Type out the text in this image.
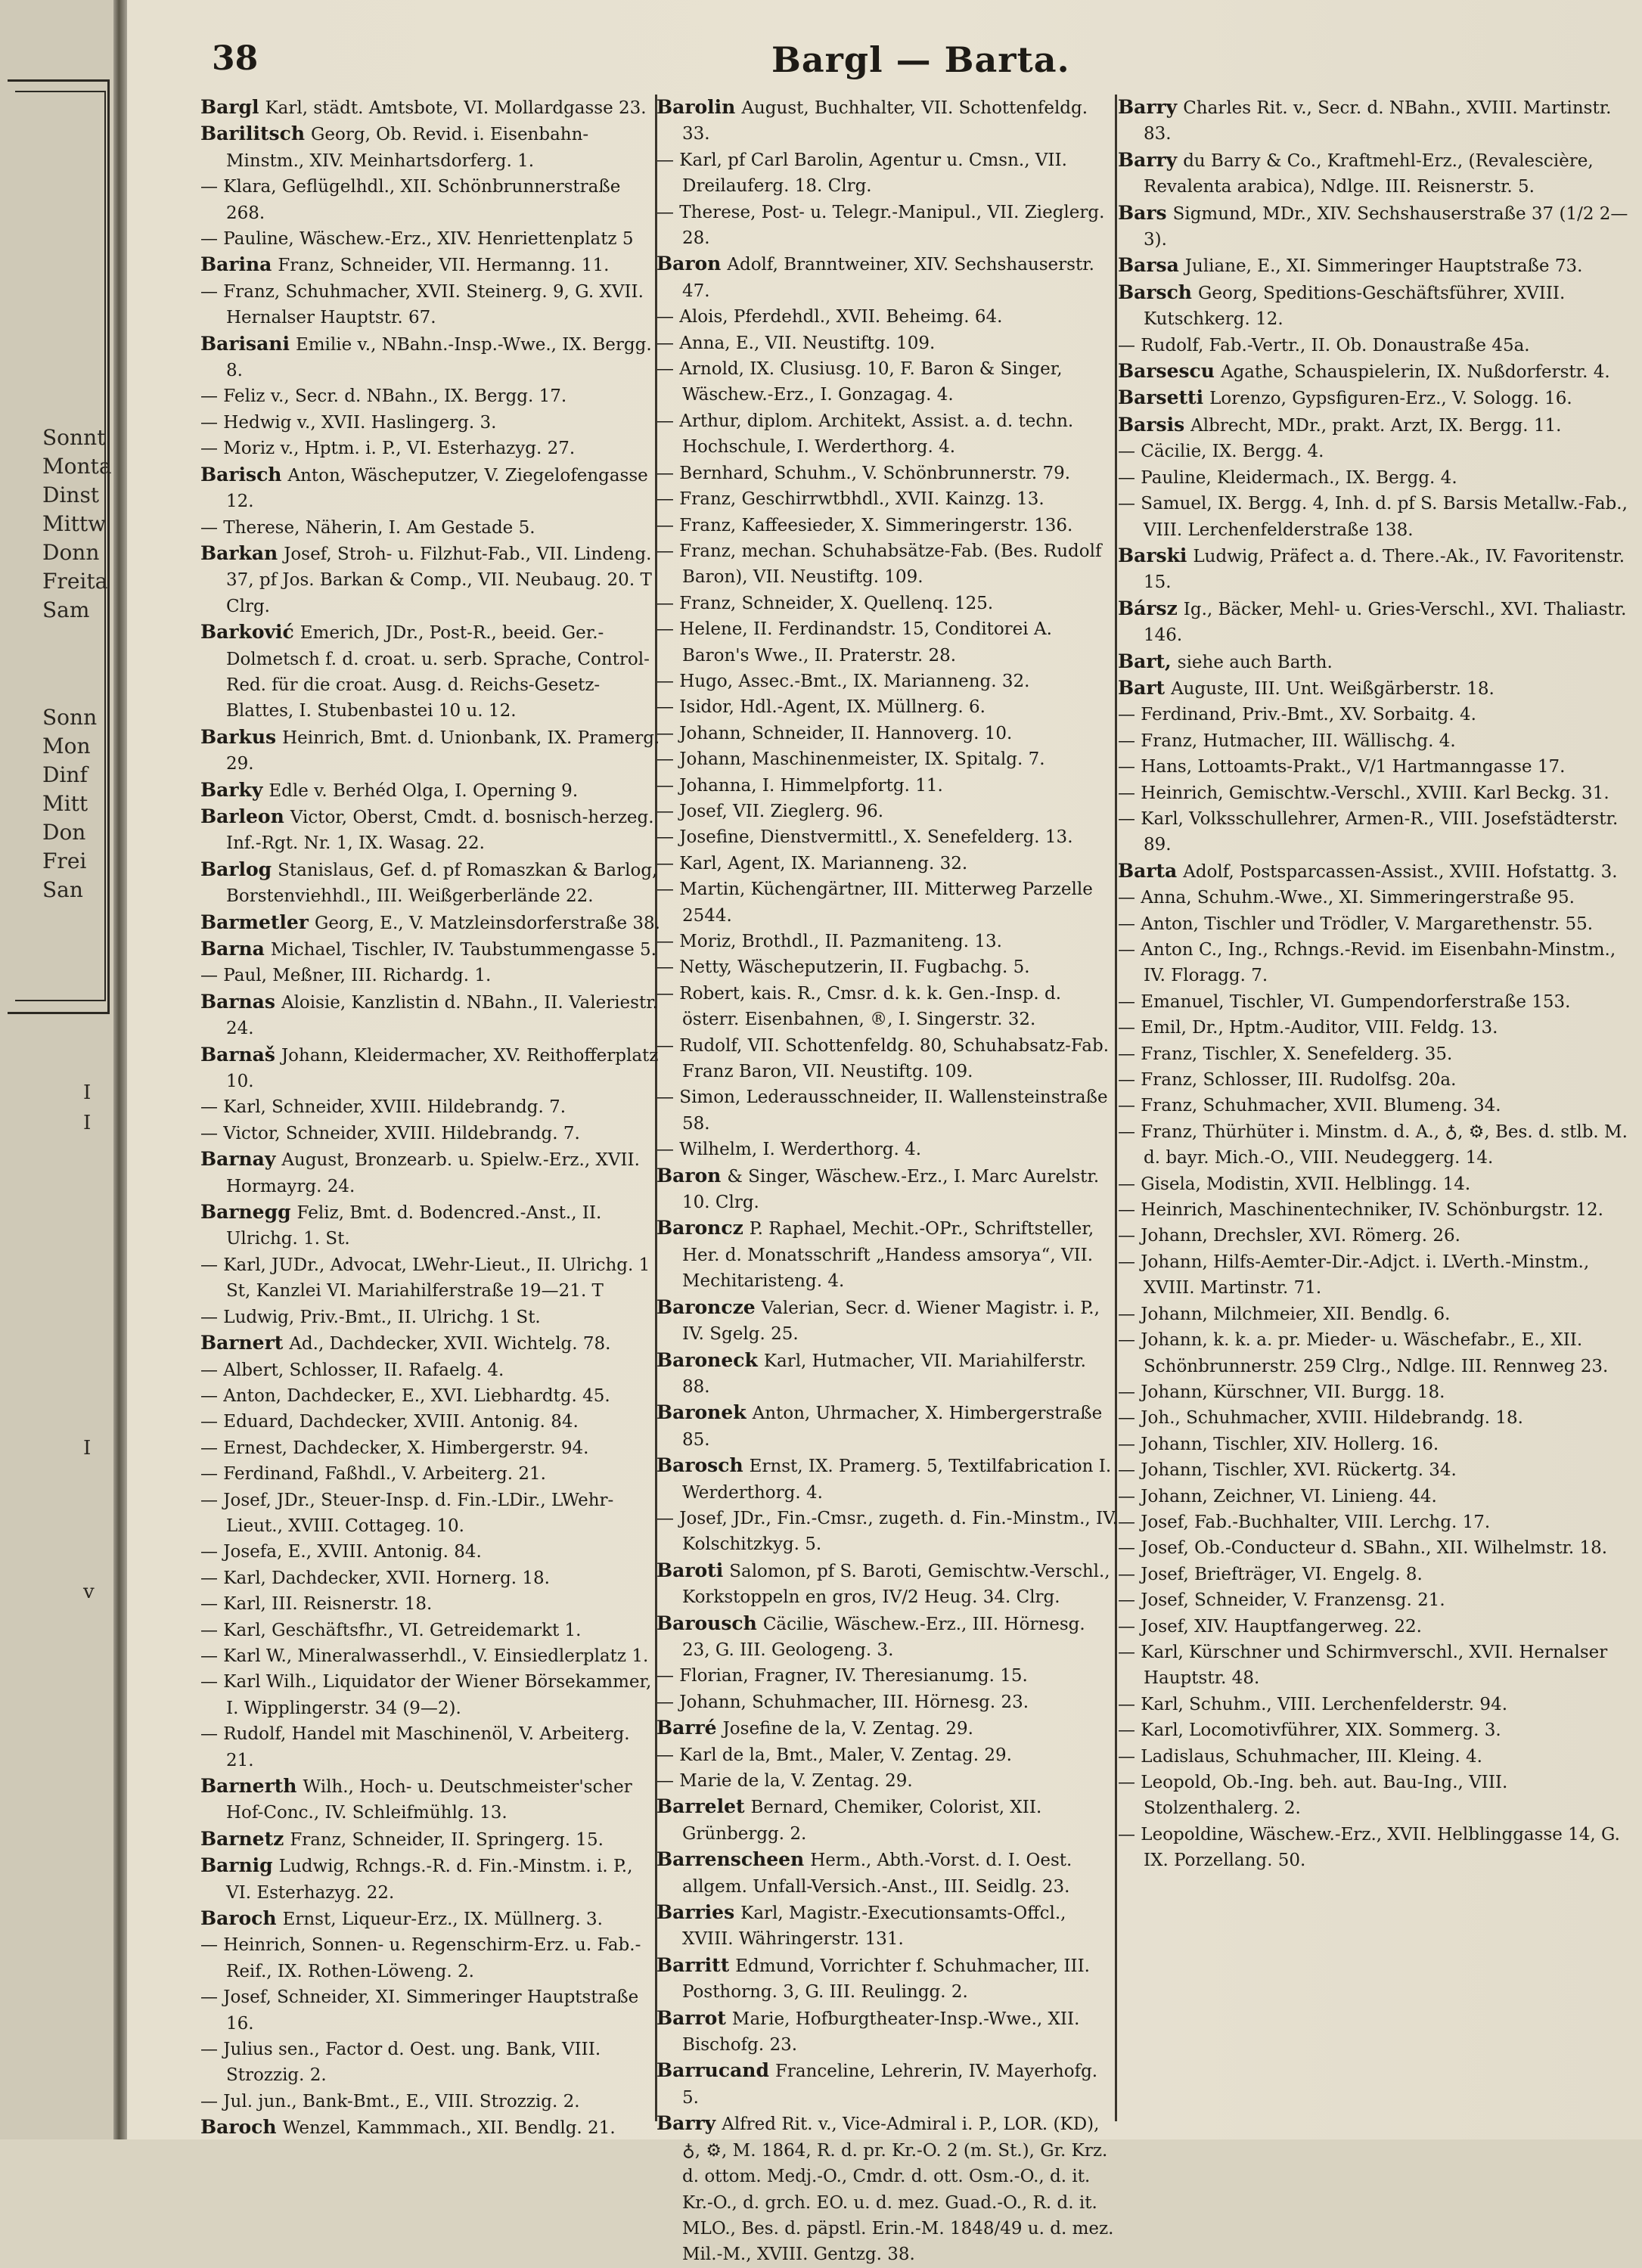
Sonnt
Monta
Dinst
Mittw
Donn
Freita
Sam
Sonn
Mon
Dinf
Mitt
Don
Frei
San
I
I
I
v
38	Bargl — Barta.

Bargl Karl, städt. Amtsbote, VI. Mollardgasse 23.

Barilitsch Georg, Ob. Revid. i. Eisenbahn-Minstm., XIV. Meinhartsdorferg. 1.

— Klara, Geflügelhdl., XII. Schönbrunnerstraße 268.

— Pauline, Wäschew.-Erz., XIV. Henriettenplatz 5

Barina Franz, Schneider, VII. Hermanng. 11.

— Franz, Schuhmacher, XVII. Steinerg. 9, G. XVII. Hernalser Hauptstr. 67.

Barisani Emilie v., NBahn.-Insp.-Wwe., IX. Bergg. 8.

— Feliz v., Secr. d. NBahn., IX. Bergg. 17.

— Hedwig v., XVII. Haslingerg. 3.

— Moriz v., Hptm. i. P., VI. Esterhazyg. 27.

Barisch Anton, Wäscheputzer, V. Ziegelofengasse 12.

— Therese, Näherin, I. Am Gestade 5.

Barkan Josef, Stroh- u. Filzhut-Fab., VII. Lindeng. 37, pf Jos. Barkan & Comp., VII. Neubaug. 20. T Clrg.

Barković Emerich, JDr., Post-R., beeid. Ger.-Dolmetsch f. d. croat. u. serb. Sprache, Control-Red. für die croat. Ausg. d. Reichs-Gesetz-Blattes, I. Stubenbastei 10 u. 12.

Barkus Heinrich, Bmt. d. Unionbank, IX. Pramerg. 29.

Barky Edle v. Berhéd Olga, I. Operning 9.

Barleon Victor, Oberst, Cmdt. d. bosnisch-herzeg. Inf.-Rgt. Nr. 1, IX. Wasag. 22.

Barlog Stanislaus, Gef. d. pf Romaszkan & Barlog, Borstenviehhdl., III. Weißgerberlände 22.

Barmetler Georg, E., V. Matzleinsdorferstraße 38.

Barna Michael, Tischler, IV. Taubstummengasse 5.

— Paul, Meßner, III. Richardg. 1.

Barnas Aloisie, Kanzlistin d. NBahn., II. Valeriestr. 24.

Barnaš Johann, Kleidermacher, XV. Reithofferplatz 10.

— Karl, Schneider, XVIII. Hildebrandg. 7.

— Victor, Schneider, XVIII. Hildebrandg. 7.

Barnay August, Bronzearb. u. Spielw.-Erz., XVII. Hormayrg. 24.

Barnegg Feliz, Bmt. d. Bodencred.-Anst., II. Ulrichg. 1. St.

— Karl, JUDr., Advocat, LWehr-Lieut., II. Ulrichg. 1 St, Kanzlei VI. Mariahilferstraße 19—21. T

— Ludwig, Priv.-Bmt., II. Ulrichg. 1 St.

Barnert Ad., Dachdecker, XVII. Wichtelg. 78.

— Albert, Schlosser, II. Rafaelg. 4.

— Anton, Dachdecker, E., XVI. Liebhardtg. 45.

— Eduard, Dachdecker, XVIII. Antonig. 84.

— Ernest, Dachdecker, X. Himbergerstr. 94.

— Ferdinand, Faßhdl., V. Arbeiterg. 21.

— Josef, JDr., Steuer-Insp. d. Fin.-LDir., LWehr-Lieut., XVIII. Cottageg. 10.

— Josefa, E., XVIII. Antonig. 84.

— Karl, Dachdecker, XVII. Hornerg. 18.

— Karl, III. Reisnerstr. 18.

— Karl, Geschäftsfhr., VI. Getreidemarkt 1.

— Karl W., Mineralwasserhdl., V. Einsiedlerplatz 1.

— Karl Wilh., Liquidator der Wiener Börsekammer, I. Wipplingerstr. 34 (9—2).

— Rudolf, Handel mit Maschinenöl, V. Arbeiterg. 21.

Barnerth Wilh., Hoch- u. Deutschmeister'scher Hof-Conc., IV. Schleifmühlg. 13.

Barnetz Franz, Schneider, II. Springerg. 15.

Barnig Ludwig, Rchngs.-R. d. Fin.-Minstm. i. P., VI. Esterhazyg. 22.

Baroch Ernst, Liqueur-Erz., IX. Müllnerg. 3.

— Heinrich, Sonnen- u. Regenschirm-Erz. u. Fab.-Reif., IX. Rothen-Löweng. 2.

— Josef, Schneider, XI. Simmeringer Hauptstraße 16.

— Julius sen., Factor d. Oest. ung. Bank, VIII. Strozzig. 2.

— Jul. jun., Bank-Bmt., E., VIII. Strozzig. 2.

Baroch Wenzel, Kammmach., XII. Bendlg. 21.

Barolin August, Buchhalter, VII. Schottenfeldg. 33.

— Karl, pf Carl Barolin, Agentur u. Cmsn., VII. Dreilauferg. 18. Clrg.

— Therese, Post- u. Telegr.-Manipul., VII. Zieglerg. 28.

Baron Adolf, Branntweiner, XIV. Sechshauserstr. 47.

— Alois, Pferdehdl., XVII. Beheimg. 64.

— Anna, E., VII. Neustiftg. 109.

— Arnold, IX. Clusiusg. 10, F. Baron & Singer, Wäschew.-Erz., I. Gonzagag. 4.

— Arthur, diplom. Architekt, Assist. a. d. techn. Hochschule, I. Werderthorg. 4.

— Bernhard, Schuhm., V. Schönbrunnerstr. 79.

— Franz, Geschirrwtbhdl., XVII. Kainzg. 13.

— Franz, Kaffeesieder, X. Simmeringerstr. 136.

— Franz, mechan. Schuhabsätze-Fab. (Bes. Rudolf Baron), VII. Neustiftg. 109.

— Franz, Schneider, X. Quellenq. 125.

— Helene, II. Ferdinandstr. 15, Conditorei A. Baron's Wwe., II. Praterstr. 28.

— Hugo, Assec.-Bmt., IX. Marianneng. 32.

— Isidor, Hdl.-Agent, IX. Müllnerg. 6.

— Johann, Schneider, II. Hannoverg. 10.

— Johann, Maschinenmeister, IX. Spitalg. 7.

— Johanna, I. Himmelpfortg. 11.

— Josef, VII. Zieglerg. 96.

— Josefine, Dienstvermittl., X. Senefelderg. 13.

— Karl, Agent, IX. Marianneng. 32.

— Martin, Küchengärtner, III. Mitterweg Parzelle 2544.

— Moriz, Brothdl., II. Pazmaniteng. 13.

— Netty, Wäscheputzerin, II. Fugbachg. 5.

— Robert, kais. R., Cmsr. d. k. k. Gen.-Insp. d. österr. Eisenbahnen, ®, I. Singerstr. 32.

— Rudolf, VII. Schottenfeldg. 80, Schuhabsatz-Fab. Franz Baron, VII. Neustiftg. 109.

— Simon, Lederausschneider, II. Wallensteinstraße 58.

— Wilhelm, I. Werderthorg. 4.

Baron & Singer, Wäschew.-Erz., I. Marc Aurelstr. 10. Clrg.

Baroncz P. Raphael, Mechit.-OPr., Schriftsteller, Her. d. Monatsschrift „Handess amsorya“, VII. Mechitaristeng. 4.

Baroncze Valerian, Secr. d. Wiener Magistr. i. P., IV. Sgelg. 25.

Baroneck Karl, Hutmacher, VII. Mariahilferstr. 88.

Baronek Anton, Uhrmacher, X. Himbergerstraße 85.

Barosch Ernst, IX. Pramerg. 5, Textilfabrication I. Werderthorg. 4.

— Josef, JDr., Fin.-Cmsr., zugeth. d. Fin.-Minstm., IV. Kolschitzkyg. 5.

Baroti Salomon, pf S. Baroti, Gemischtw.-Verschl., Korkstoppeln en gros, IV/2 Heug. 34. Clrg.

Barousch Cäcilie, Wäschew.-Erz., III. Hörnesg. 23, G. III. Geologeng. 3.

— Florian, Fragner, IV. Theresianumg. 15.

— Johann, Schuhmacher, III. Hörnesg. 23.

Barré Josefine de la, V. Zentag. 29.

— Karl de la, Bmt., Maler, V. Zentag. 29.

— Marie de la, V. Zentag. 29.

Barrelet Bernard, Chemiker, Colorist, XII. Grünbergg. 2.

Barrenscheen Herm., Abth.-Vorst. d. I. Oest. allgem. Unfall-Versich.-Anst., III. Seidlg. 23.

Barries Karl, Magistr.-Executionsamts-Offcl., XVIII. Währingerstr. 131.

Barritt Edmund, Vorrichter f. Schuhmacher, III. Posthorng. 3, G. III. Reulingg. 2.

Barrot Marie, Hofburgtheater-Insp.-Wwe., XII. Bischofg. 23.

Barrucand Franceline, Lehrerin, IV. Mayerhofg. 5.

Barry Alfred Rit. v., Vice-Admiral i. P., LOR. (KD), ♁, ⚙, M. 1864, R. d. pr. Kr.-O. 2 (m. St.), Gr. Krz. d. ottom. Medj.-O., Cmdr. d. ott. Osm.-O., d. it. Kr.-O., d. grch. EO. u. d. mez. Guad.-O., R. d. it. MLO., Bes. d. päpstl. Erin.-M. 1848/49 u. d. mez. Mil.-M., XVIII. Gentzg. 38.

Barry Charles Rit. v., Secr. d. NBahn., XVIII. Martinstr. 83.

Barry du Barry & Co., Kraftmehl-Erz., (Revalescière, Revalenta arabica), Ndlge. III. Reisnerstr. 5.

Bars Sigmund, MDr., XIV. Sechshauserstraße 37 (1/2 2—3).

Barsa Juliane, E., XI. Simmeringer Hauptstraße 73.

Barsch Georg, Speditions-Geschäftsführer, XVIII. Kutschkerg. 12.

— Rudolf, Fab.-Vertr., II. Ob. Donaustraße 45a.

Barsescu Agathe, Schauspielerin, IX. Nußdorferstr. 4.

Barsetti Lorenzo, Gypsfiguren-Erz., V. Sologg. 16.

Barsis Albrecht, MDr., prakt. Arzt, IX. Bergg. 11.

— Cäcilie, IX. Bergg. 4.

— Pauline, Kleidermach., IX. Bergg. 4.

— Samuel, IX. Bergg. 4, Inh. d. pf S. Barsis Metallw.-Fab., VIII. Lerchenfelderstraße 138.

Barski Ludwig, Präfect a. d. There.-Ak., IV. Favoritenstr. 15.

Bársz Ig., Bäcker, Mehl- u. Gries-Verschl., XVI. Thaliastr. 146.

Bart, siehe auch Barth.

Bart Auguste, III. Unt. Weißgärberstr. 18.

— Ferdinand, Priv.-Bmt., XV. Sorbaitg. 4.

— Franz, Hutmacher, III. Wällischg. 4.

— Hans, Lottoamts-Prakt., V/1 Hartmanngasse 17.

— Heinrich, Gemischtw.-Verschl., XVIII. Karl Beckg. 31.

— Karl, Volksschullehrer, Armen-R., VIII. Josefstädterstr. 89.

Barta Adolf, Postsparcassen-Assist., XVIII. Hofstattg. 3.

— Anna, Schuhm.-Wwe., XI. Simmeringerstraße 95.

— Anton, Tischler und Trödler, V. Margarethenstr. 55.

— Anton C., Ing., Rchngs.-Revid. im Eisenbahn-Minstm., IV. Floragg. 7.

— Emanuel, Tischler, VI. Gumpendorferstraße 153.

— Emil, Dr., Hptm.-Auditor, VIII. Feldg. 13.

— Franz, Tischler, X. Senefelderg. 35.

— Franz, Schlosser, III. Rudolfsg. 20a.

— Franz, Schuhmacher, XVII. Blumeng. 34.

— Franz, Thürhüter i. Minstm. d. A., ♁, ⚙, Bes. d. stlb. M. d. bayr. Mich.-O., VIII. Neudeggerg. 14.

— Gisela, Modistin, XVII. Helblingg. 14.

— Heinrich, Maschinentechniker, IV. Schönburgstr. 12.

— Johann, Drechsler, XVI. Römerg. 26.

— Johann, Hilfs-Aemter-Dir.-Adjct. i. LVerth.-Minstm., XVIII. Martinstr. 71.

— Johann, Milchmeier, XII. Bendlg. 6.

— Johann, k. k. a. pr. Mieder- u. Wäschefabr., E., XII. Schönbrunnerstr. 259 Clrg., Ndlge. III. Rennweg 23.

— Johann, Kürschner, VII. Burgg. 18.

— Joh., Schuhmacher, XVIII. Hildebrandg. 18.

— Johann, Tischler, XIV. Hollerg. 16.

— Johann, Tischler, XVI. Rückertg. 34.

— Johann, Zeichner, VI. Linieng. 44.

— Josef, Fab.-Buchhalter, VIII. Lerchg. 17.

— Josef, Ob.-Conducteur d. SBahn., XII. Wilhelmstr. 18.

— Josef, Briefträger, VI. Engelg. 8.

— Josef, Schneider, V. Franzensg. 21.

— Josef, XIV. Hauptfangerweg. 22.

— Karl, Kürschner und Schirmverschl., XVII. Hernalser Hauptstr. 48.

— Karl, Schuhm., VIII. Lerchenfelderstr. 94.

— Karl, Locomotivführer, XIX. Sommerg. 3.

— Ladislaus, Schuhmacher, III. Kleing. 4.

— Leopold, Ob.-Ing. beh. aut. Bau-Ing., VIII. Stolzenthalerg. 2.

— Leopoldine, Wäschew.-Erz., XVII. Helblinggasse 14, G. IX. Porzellang. 50.
